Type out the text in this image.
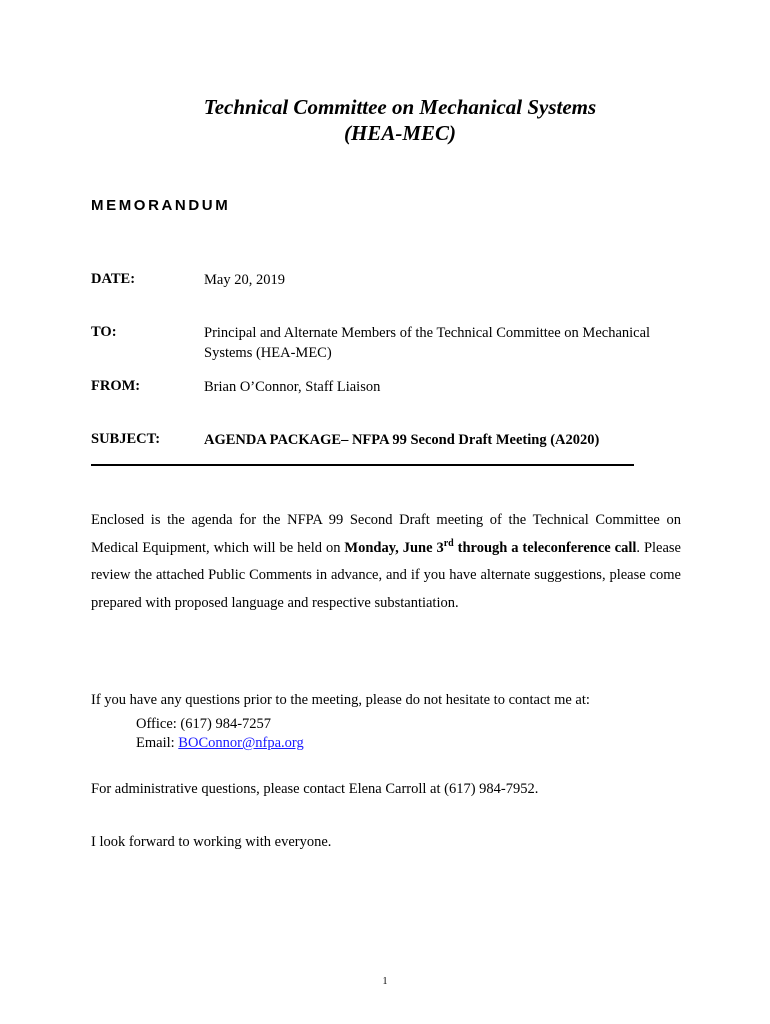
Technical Committee on Mechanical Systems
(HEA-MEC)
MEMORANDUM
DATE:	May 20, 2019
TO:	Principal and Alternate Members of the Technical Committee on Mechanical Systems (HEA-MEC)
FROM:	Brian O’Connor, Staff Liaison
SUBJECT:	AGENDA PACKAGE– NFPA 99 Second Draft Meeting (A2020)
Enclosed is the agenda for the NFPA 99 Second Draft meeting of the Technical Committee on Medical Equipment, which will be held on Monday, June 3rd through a teleconference call. Please review the attached Public Comments in advance, and if you have alternate suggestions, please come prepared with proposed language and respective substantiation.
If you have any questions prior to the meeting, please do not hesitate to contact me at:
Office: (617) 984-7257
Email: BOConnor@nfpa.org
For administrative questions, please contact Elena Carroll at (617) 984-7952.
I look forward to working with everyone.
1
